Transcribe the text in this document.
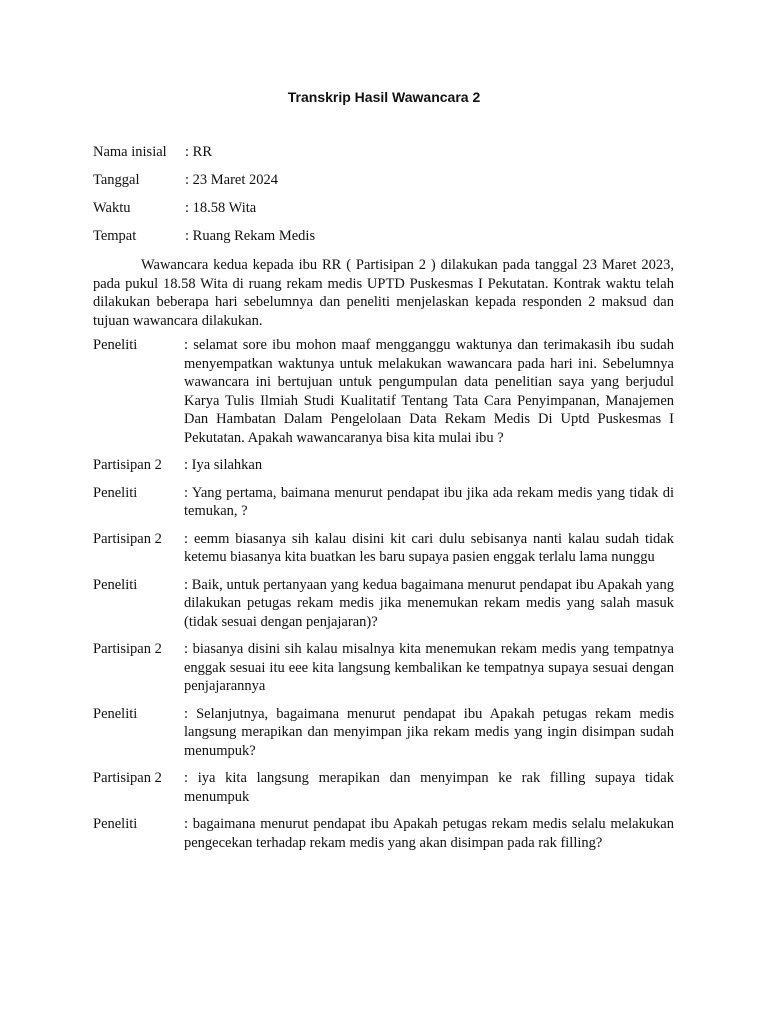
Transkrip Hasil Wawancara 2
Nama inisial	: RR
Tanggal	: 23 Maret 2024
Waktu	: 18.58 Wita
Tempat	: Ruang Rekam Medis

Wawancara kedua kepada ibu RR ( Partisipan 2 ) dilakukan pada tanggal 23 Maret 2023, pada pukul 18.58 Wita di ruang rekam medis UPTD Puskesmas I Pekutatan. Kontrak waktu telah dilakukan beberapa hari sebelumnya dan peneliti menjelaskan kepada responden 2 maksud dan tujuan wawancara dilakukan.

Peneliti	: selamat sore ibu mohon maaf mengganggu waktunya dan terimakasih ibu sudah menyempatkan waktunya untuk melakukan wawancara pada hari ini. Sebelumnya wawancara ini bertujuan untuk pengumpulan data penelitian saya yang berjudul Karya Tulis Ilmiah Studi Kualitatif Tentang Tata Cara Penyimpanan, Manajemen Dan Hambatan Dalam Pengelolaan Data Rekam Medis Di Uptd Puskesmas I Pekutatan. Apakah wawancaranya bisa kita mulai ibu ?
Partisipan 2	: Iya silahkan
Peneliti	: Yang pertama, baimana menurut pendapat ibu jika ada rekam medis yang tidak di temukan, ?
Partisipan 2	: eemm biasanya sih kalau disini kit cari dulu sebisanya nanti kalau sudah tidak ketemu biasanya kita buatkan les baru supaya pasien enggak terlalu lama nunggu
Peneliti	: Baik, untuk pertanyaan yang kedua bagaimana menurut pendapat ibu Apakah yang dilakukan petugas rekam medis jika menemukan rekam medis yang salah masuk (tidak sesuai dengan penjajaran)?
Partisipan 2	: biasanya disini sih kalau misalnya kita menemukan rekam medis yang tempatnya enggak sesuai itu eee kita langsung kembalikan ke tempatnya supaya sesuai dengan penjajarannya
Peneliti	: Selanjutnya, bagaimana menurut pendapat ibu Apakah petugas rekam medis langsung merapikan dan menyimpan jika rekam medis yang ingin disimpan sudah menumpuk?
Partisipan 2	: iya kita langsung merapikan dan menyimpan ke rak filling supaya tidak menumpuk
Peneliti	: bagaimana menurut pendapat ibu Apakah petugas rekam medis selalu melakukan pengecekan terhadap rekam medis yang akan disimpan pada rak filling?
